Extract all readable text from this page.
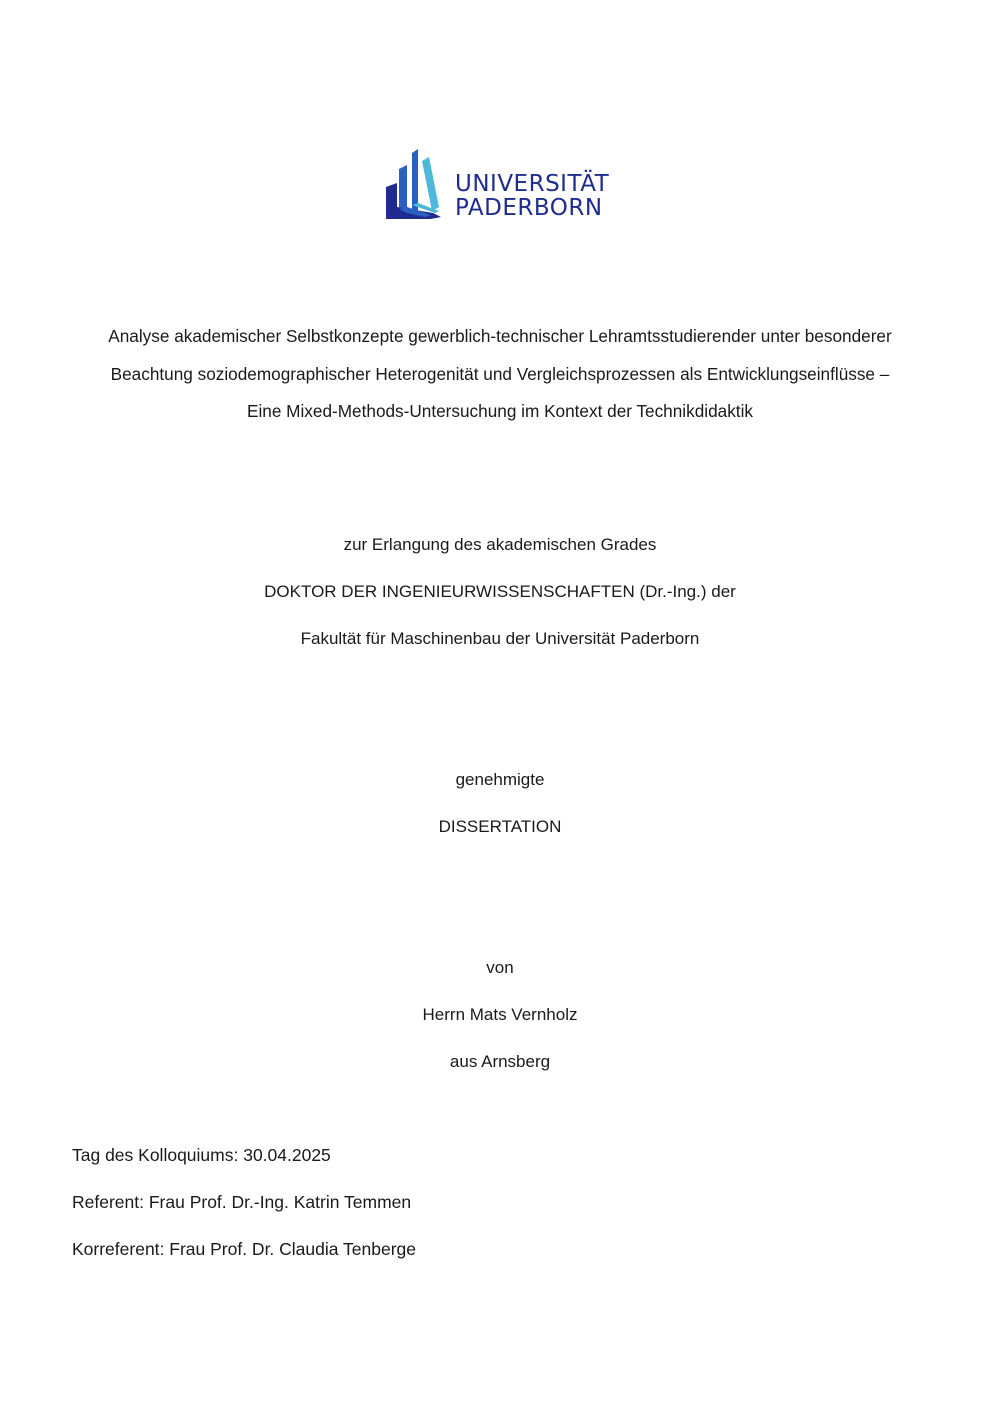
UNIVERSITÄT
PADERBORN
Analyse akademischer Selbstkonzepte gewerblich-technischer Lehramtsstudierender unter besonderer
Beachtung soziodemographischer Heterogenität und Vergleichsprozessen als Entwicklungseinflüsse –
Eine Mixed-Methods-Untersuchung im Kontext der Technikdidaktik
zur Erlangung des akademischen Grades
DOKTOR DER INGENIEURWISSENSCHAFTEN (Dr.-Ing.) der
Fakultät für Maschinenbau der Universität Paderborn
genehmigte
DISSERTATION
von
Herrn Mats Vernholz
aus Arnsberg
Tag des Kolloquiums: 30.04.2025
Referent: Frau Prof. Dr.-Ing. Katrin Temmen
Korreferent: Frau Prof. Dr. Claudia Tenberge
